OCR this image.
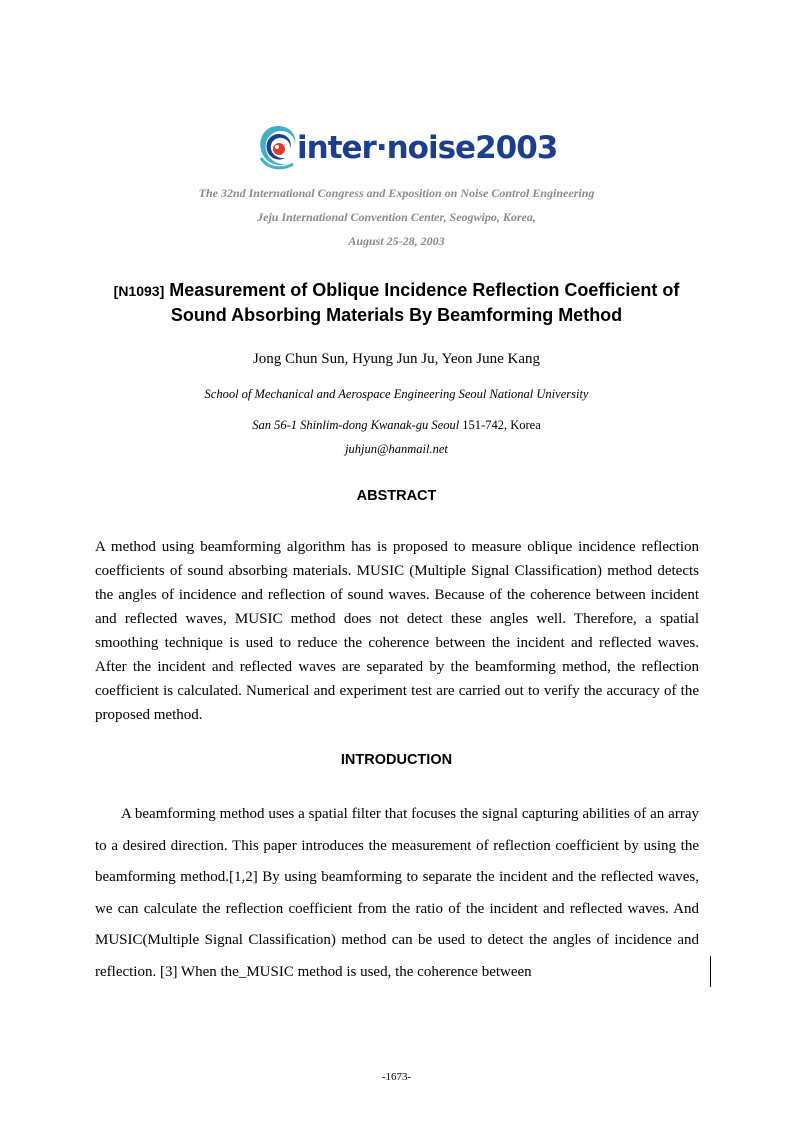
inter·noise2003
The 32nd International Congress and Exposition on Noise Control Engineering
Jeju International Convention Center, Seogwipo, Korea,
August 25-28, 2003
[N1093] Measurement of Oblique Incidence Reflection Coefficient of
Sound Absorbing Materials By Beamforming Method
Jong Chun Sun, Hyung Jun Ju, Yeon June Kang
School of Mechanical and Aerospace Engineering Seoul National University
San 56-1 Shinlim-dong Kwanak-gu Seoul 151-742, Korea
juhjun@hanmail.net
ABSTRACT

A method using beamforming algorithm has is proposed to measure oblique incidence reflection coefficients of sound absorbing materials. MUSIC (Multiple Signal Classification) method detects the angles of incidence and reflection of sound waves. Because of the coherence between incident and reflected waves, MUSIC method does not detect these angles well. Therefore, a spatial smoothing technique is used to reduce the coherence between the incident and reflected waves. After the incident and reflected waves are separated by the beamforming method, the reflection coefficient is calculated. Numerical and experiment test are carried out to verify the accuracy of the proposed method.

INTRODUCTION

A beamforming method uses a spatial filter that focuses the signal capturing abilities of an array to a desired direction. This paper introduces the measurement of reflection coefficient by using the beamforming method.[1,2] By using beamforming to separate the incident and the reflected waves, we can calculate the reflection coefficient from the ratio of the incident and reflected waves. And MUSIC(Multiple Signal Classification) method can be used to detect the angles of incidence and reflection. [3] When the_MUSIC method is used, the coherence between

-1673-
